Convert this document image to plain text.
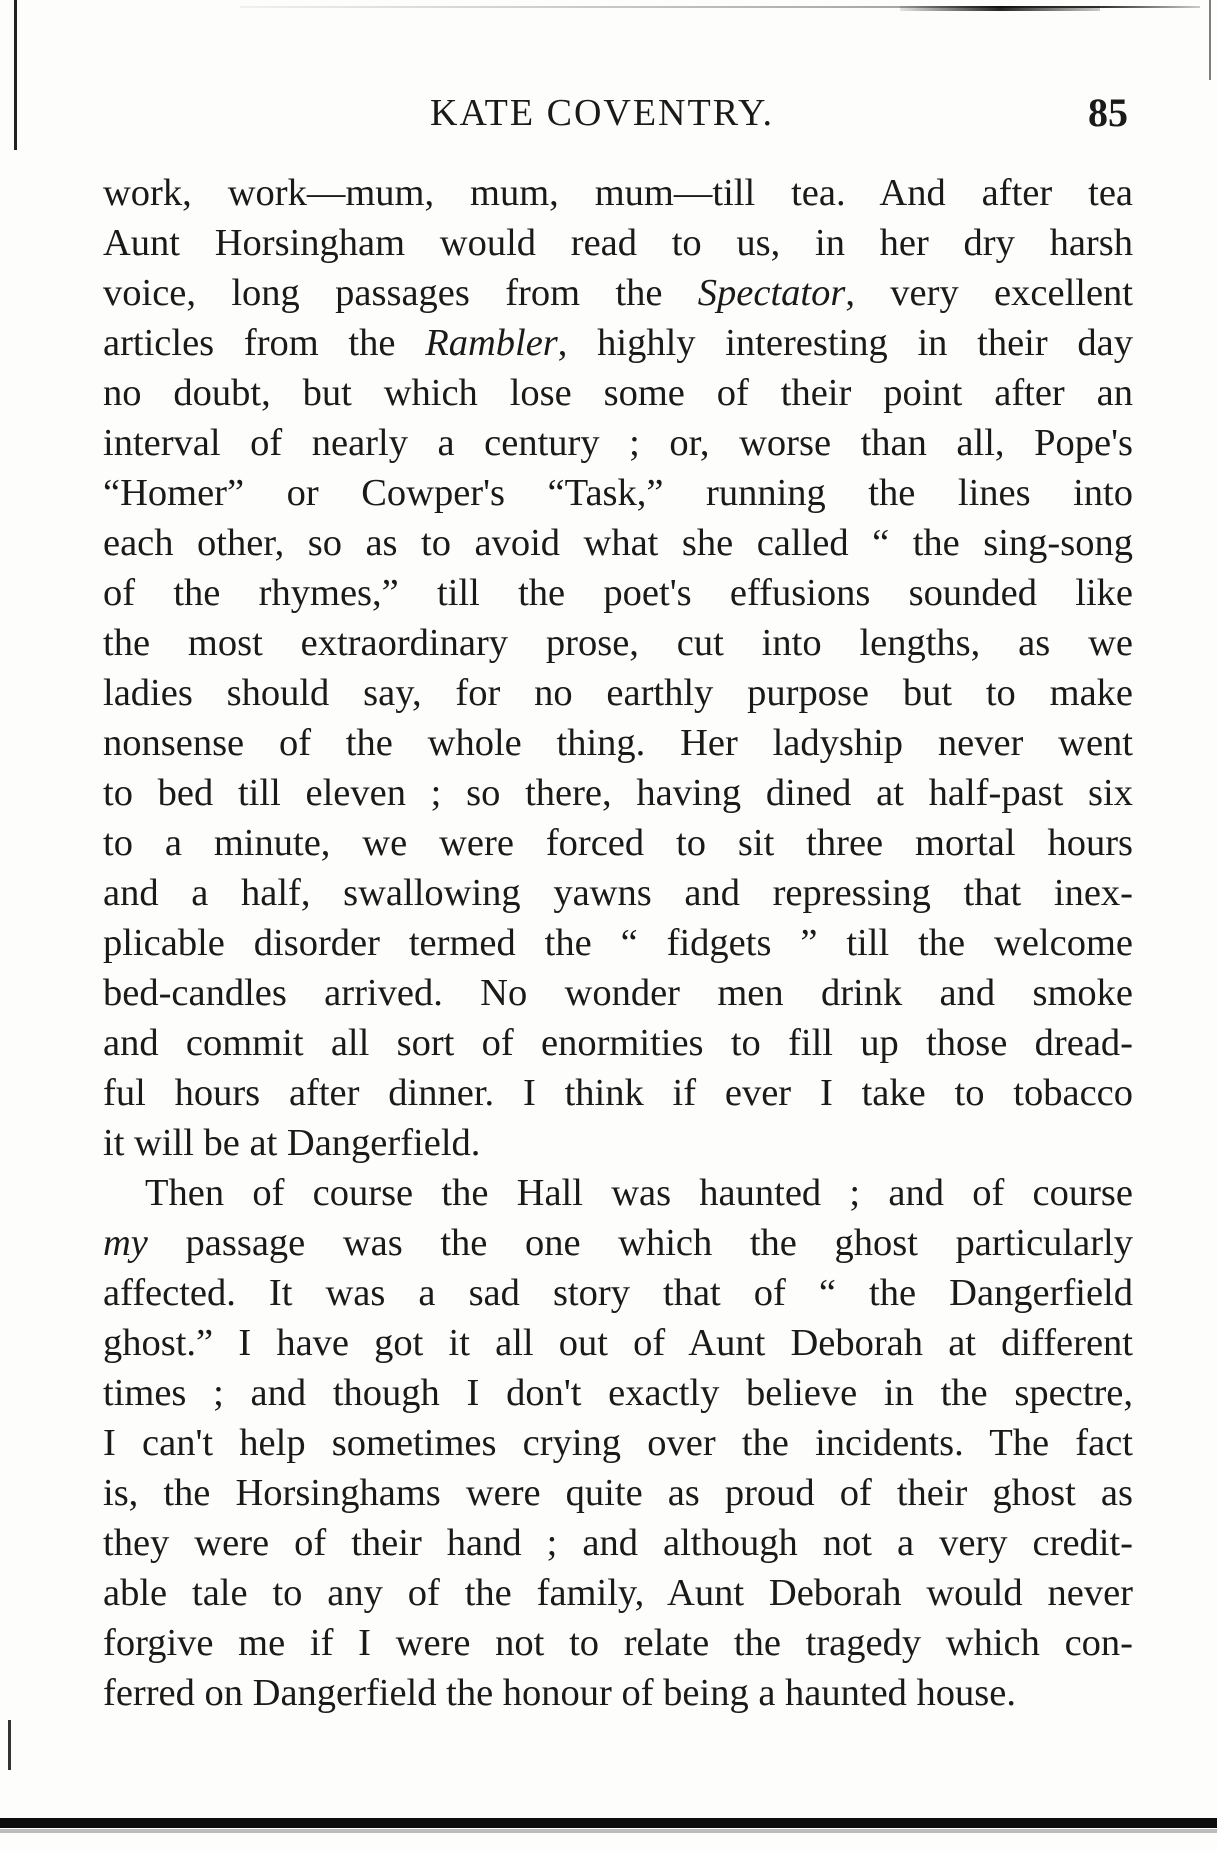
KATE COVENTRY.	85
work, work—mum, mum, mum—till tea. And after tea
Aunt Horsingham would read to us, in her dry harsh
voice, long passages from the Spectator, very excellent
articles from the Rambler, highly interesting in their day
no doubt, but which lose some of their point after an
interval of nearly a century ; or, worse than all, Pope's
“Homer” or Cowper's “Task,” running the lines into
each other, so as to avoid what she called “ the sing-song
of the rhymes,” till the poet's effusions sounded like
the most extraordinary prose, cut into lengths, as we
ladies should say, for no earthly purpose but to make
nonsense of the whole thing. Her ladyship never went
to bed till eleven ; so there, having dined at half-past six
to a minute, we were forced to sit three mortal hours
and a half, swallowing yawns and repressing that inex-
plicable disorder termed the “ fidgets ” till the welcome
bed-candles arrived. No wonder men drink and smoke
and commit all sort of enormities to fill up those dread-
ful hours after dinner. I think if ever I take to tobacco
it will be at Dangerfield.
Then of course the Hall was haunted ; and of course
my passage was the one which the ghost particularly
affected. It was a sad story that of “ the Dangerfield
ghost.” I have got it all out of Aunt Deborah at different
times ; and though I don't exactly believe in the spectre,
I can't help sometimes crying over the incidents. The fact
is, the Horsinghams were quite as proud of their ghost as
they were of their hand ; and although not a very credit-
able tale to any of the family, Aunt Deborah would never
forgive me if I were not to relate the tragedy which con-
ferred on Dangerfield the honour of being a haunted house.
